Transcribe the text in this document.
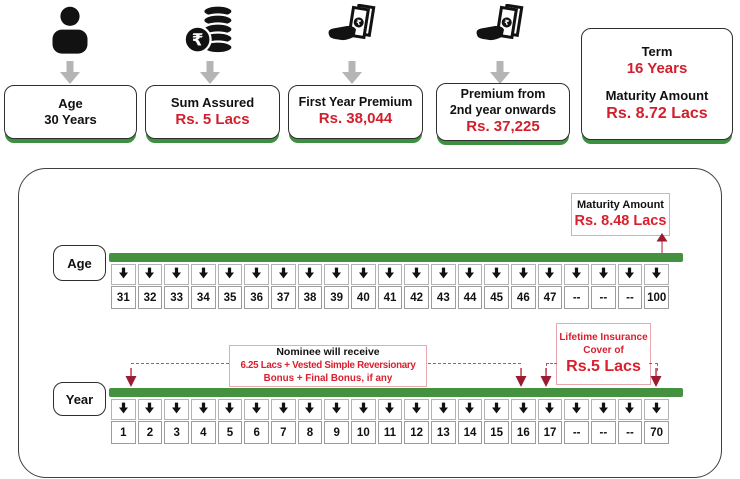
₹
₹	₹
Age
30 Years
Sum Assured
Rs. 5 Lacs
First Year Premium
Rs. 38,044
Premium from
2nd year onwards
Rs. 37,225
Term
16 Years
Maturity Amount
Rs. 8.72 Lacs
Maturity Amount
Rs. 8.48 Lacs
Age
31	32	33	34	35	36	37	38	39	40	41	42	43	44	45	46	47	--	--	--	100
Nominee will receive
6.25 Lacs + Vested Simple Reversionary
Bonus + Final Bonus, if any
Lifetime Insurance
Cover of
Rs.5 Lacs
Year
1	2	3	4	5	6	7	8	9	10	11	12	13	14	15	16	17	--	--	--	70
